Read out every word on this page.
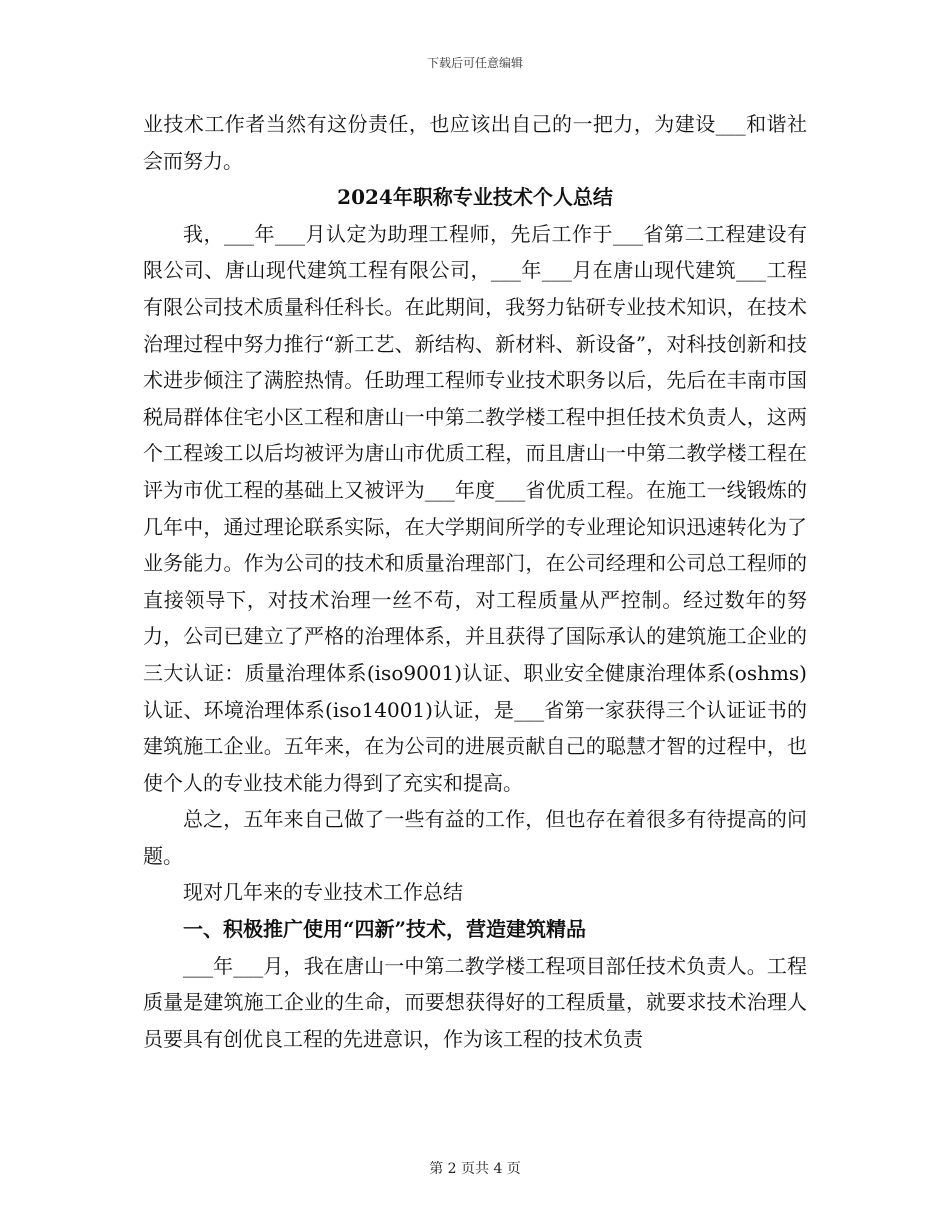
下载后可任意编辑

业技术工作者当然有这份责任，也应该出自己的一把力，为建设___和谐社会而努力。

2024年职称专业技术个人总结

我，___年___月认定为助理工程师，先后工作于___省第二工程建设有限公司、唐山现代建筑工程有限公司，___年___月在唐山现代建筑___工程有限公司技术质量科任科长。在此期间，我努力钻研专业技术知识，在技术治理过程中努力推行“新工艺、新结构、新材料、新设备”，对科技创新和技术进步倾注了满腔热情。任助理工程师专业技术职务以后，先后在丰南市国税局群体住宅小区工程和唐山一中第二教学楼工程中担任技术负责人，这两个工程竣工以后均被评为唐山市优质工程，而且唐山一中第二教学楼工程在评为市优工程的基础上又被评为___年度___省优质工程。在施工一线锻炼的几年中，通过理论联系实际，在大学期间所学的专业理论知识迅速转化为了业务能力。作为公司的技术和质量治理部门，在公司经理和公司总工程师的直接领导下，对技术治理一丝不苟，对工程质量从严控制。经过数年的努力，公司已建立了严格的治理体系，并且获得了国际承认的建筑施工企业的三大认证：质量治理体系(iso9001)认证、职业安全健康治理体系(oshms)认证、环境治理体系(iso14001)认证，是___省第一家获得三个认证证书的建筑施工企业。五年来，在为公司的进展贡献自己的聪慧才智的过程中，也使个人的专业技术能力得到了充实和提高。

总之，五年来自己做了一些有益的工作，但也存在着很多有待提高的问题。

现对几年来的专业技术工作总结

一、积极推广使用“四新”技术，营造建筑精品

___年___月，我在唐山一中第二教学楼工程项目部任技术负责人。工程质量是建筑施工企业的生命，而要想获得好的工程质量，就要求技术治理人员要具有创优良工程的先进意识，作为该工程的技术负责

第 2 页共 4 页
